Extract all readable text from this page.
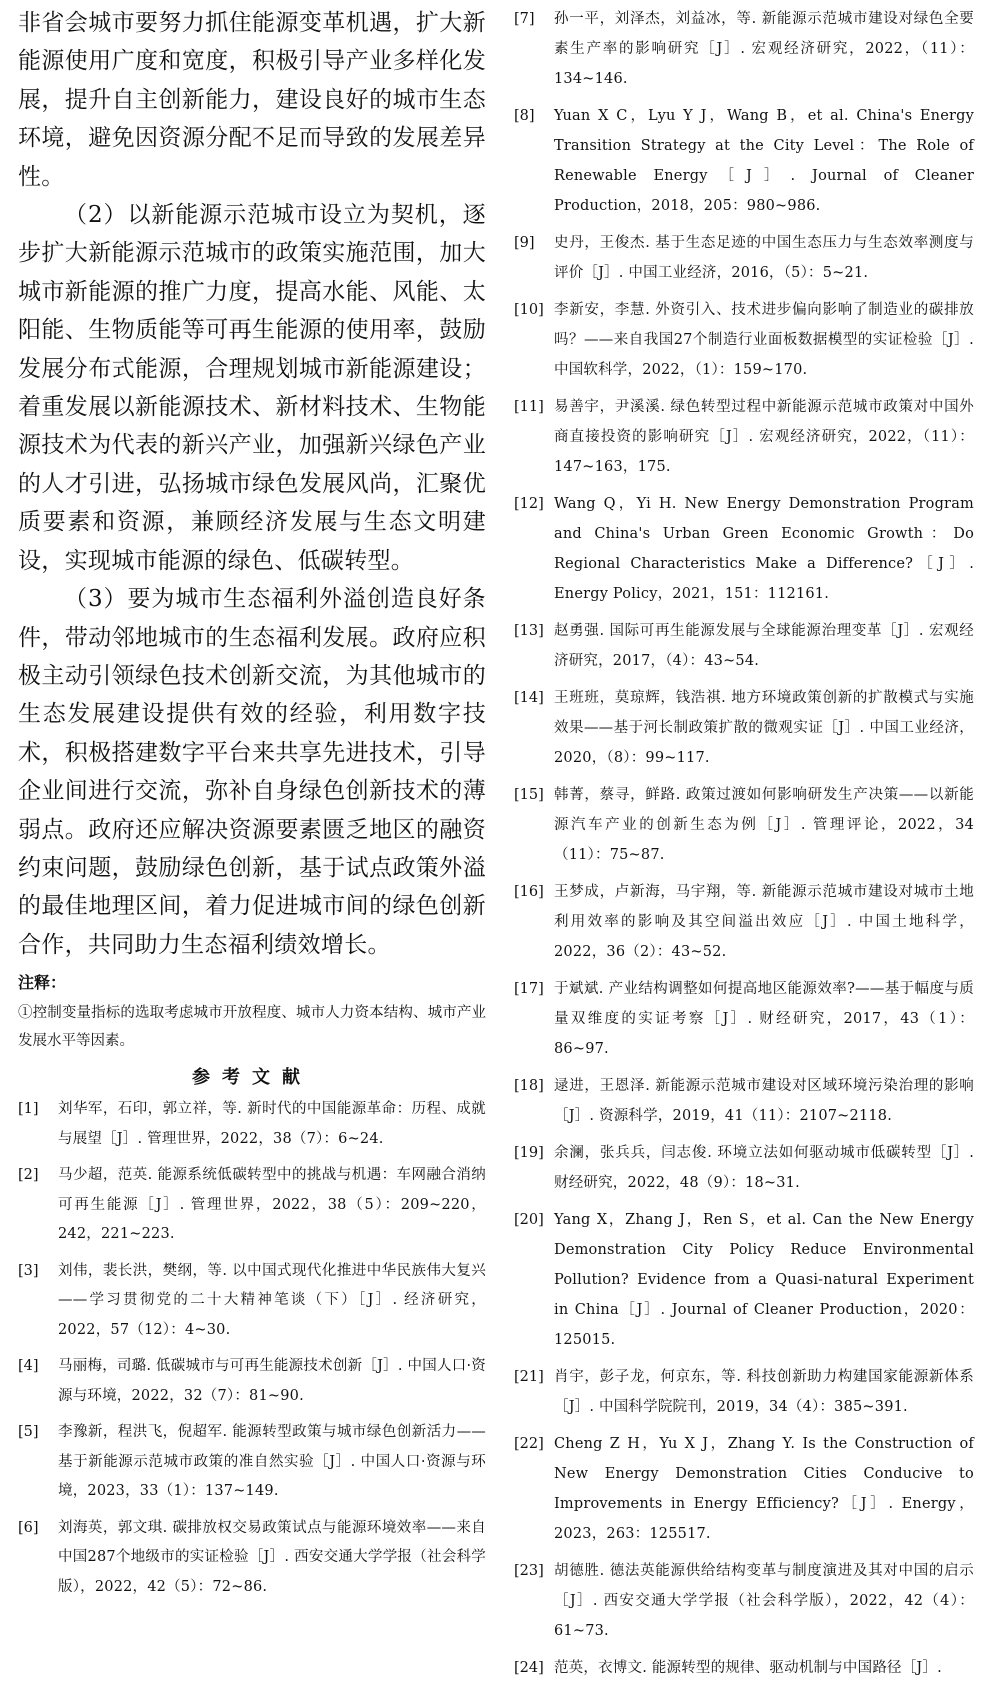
非省会城市要努力抓住能源变革机遇，扩大新能源使用广度和宽度，积极引导产业多样化发展，提升自主创新能力，建设良好的城市生态环境，避免因资源分配不足而导致的发展差异性。

（2）以新能源示范城市设立为契机，逐步扩大新能源示范城市的政策实施范围，加大城市新能源的推广力度，提高水能、风能、太阳能、生物质能等可再生能源的使用率，鼓励发展分布式能源，合理规划城市新能源建设；着重发展以新能源技术、新材料技术、生物能源技术为代表的新兴产业，加强新兴绿色产业的人才引进，弘扬城市绿色发展风尚，汇聚优质要素和资源，兼顾经济发展与生态文明建设，实现城市能源的绿色、低碳转型。

（3）要为城市生态福利外溢创造良好条件，带动邻地城市的生态福利发展。政府应积极主动引领绿色技术创新交流，为其他城市的生态发展建设提供有效的经验，利用数字技术，积极搭建数字平台来共享先进技术，引导企业间进行交流，弥补自身绿色创新技术的薄弱点。政府还应解决资源要素匮乏地区的融资约束问题，鼓励绿色创新，基于试点政策外溢的最佳地理区间，着力促进城市间的绿色创新合作，共同助力生态福利绩效增长。

注释：

①控制变量指标的选取考虑城市开放程度、城市人力资本结构、城市产业发展水平等因素。

参考文献
[1]	刘华军，石印，郭立祥，等. 新时代的中国能源革命：历程、成就与展望［J］. 管理世界，2022，38（7）：6~24.
[2]	马少超，范英. 能源系统低碳转型中的挑战与机遇：车网融合消纳可再生能源［J］. 管理世界，2022，38（5）：209~220，242，221~223.
[3]	刘伟，裴长洪，樊纲，等. 以中国式现代化推进中华民族伟大复兴——学习贯彻党的二十大精神笔谈（下）［J］. 经济研究，2022，57（12）：4~30.
[4]	马丽梅，司璐. 低碳城市与可再生能源技术创新［J］. 中国人口·资源与环境，2022，32（7）：81~90.
[5]	李豫新，程洪飞，倪超军. 能源转型政策与城市绿色创新活力——基于新能源示范城市政策的准自然实验［J］. 中国人口·资源与环境，2023，33（1）：137~149.
[6]	刘海英，郭文琪. 碳排放权交易政策试点与能源环境效率——来自中国287个地级市的实证检验［J］. 西安交通大学学报（社会科学版），2022，42（5）：72~86.
[7]	孙一平，刘泽杰，刘益冰，等. 新能源示范城市建设对绿色全要素生产率的影响研究［J］. 宏观经济研究，2022，（11）：134~146.
[8]	Yuan X C，Lyu Y J，Wang B，et al. China's Energy Transition Strategy at the City Level：The Role of Renewable Energy［J］. Journal of Cleaner Production，2018，205：980~986.
[9]	史丹，王俊杰. 基于生态足迹的中国生态压力与生态效率测度与评价［J］. 中国工业经济，2016，（5）：5~21.
[10] 李新安，李慧. 外资引入、技术进步偏向影响了制造业的碳排放吗？——来自我国27个制造行业面板数据模型的实证检验［J］. 中国软科学，2022，（1）：159~170.
[11] 易善宇，尹溪溪. 绿色转型过程中新能源示范城市政策对中国外商直接投资的影响研究［J］. 宏观经济研究，2022，（11）：147~163，175.
[12] Wang Q，Yi H. New Energy Demonstration Program and China's Urban Green Economic Growth：Do Regional Characteristics Make a Difference?［J］. Energy Policy，2021，151：112161.
[13] 赵勇强. 国际可再生能源发展与全球能源治理变革［J］. 宏观经济研究，2017，（4）：43~54.
[14] 王班班，莫琼辉，钱浩祺. 地方环境政策创新的扩散模式与实施效果——基于河长制政策扩散的微观实证［J］. 中国工业经济，2020，（8）：99~117.
[15] 韩菁，蔡寻，鲜路. 政策过渡如何影响研发生产决策——以新能源汽车产业的创新生态为例［J］. 管理评论，2022，34（11）：75~87.
[16] 王梦成，卢新海，马宇翔，等. 新能源示范城市建设对城市土地利用效率的影响及其空间溢出效应［J］. 中国土地科学，2022，36（2）：43~52.
[17] 于斌斌. 产业结构调整如何提高地区能源效率?——基于幅度与质量双维度的实证考察［J］. 财经研究，2017，43（1）：86~97.
[18] 逯进，王恩泽. 新能源示范城市建设对区域环境污染治理的影响［J］. 资源科学，2019，41（11）：2107~2118.
[19] 余澜，张兵兵，闫志俊. 环境立法如何驱动城市低碳转型［J］. 财经研究，2022，48（9）：18~31.
[20] Yang X，Zhang J，Ren S，et al. Can the New Energy Demonstration City Policy Reduce Environmental Pollution? Evidence from a Quasi-natural Experiment in China［J］. Journal of Cleaner Production，2020：125015.
[21] 肖宇，彭子龙，何京东，等. 科技创新助力构建国家能源新体系［J］. 中国科学院院刊，2019，34（4）：385~391.
[22] Cheng Z H，Yu X J，Zhang Y. Is the Construction of New Energy Demonstration Cities Conducive to Improvements in Energy Efficiency?［J］. Energy，2023，263：125517.
[23] 胡德胜. 德法英能源供给结构变革与制度演进及其对中国的启示［J］. 西安交通大学学报（社会科学版），2022，42（4）：61~73.
[24] 范英，衣博文. 能源转型的规律、驱动机制与中国路径［J］.
